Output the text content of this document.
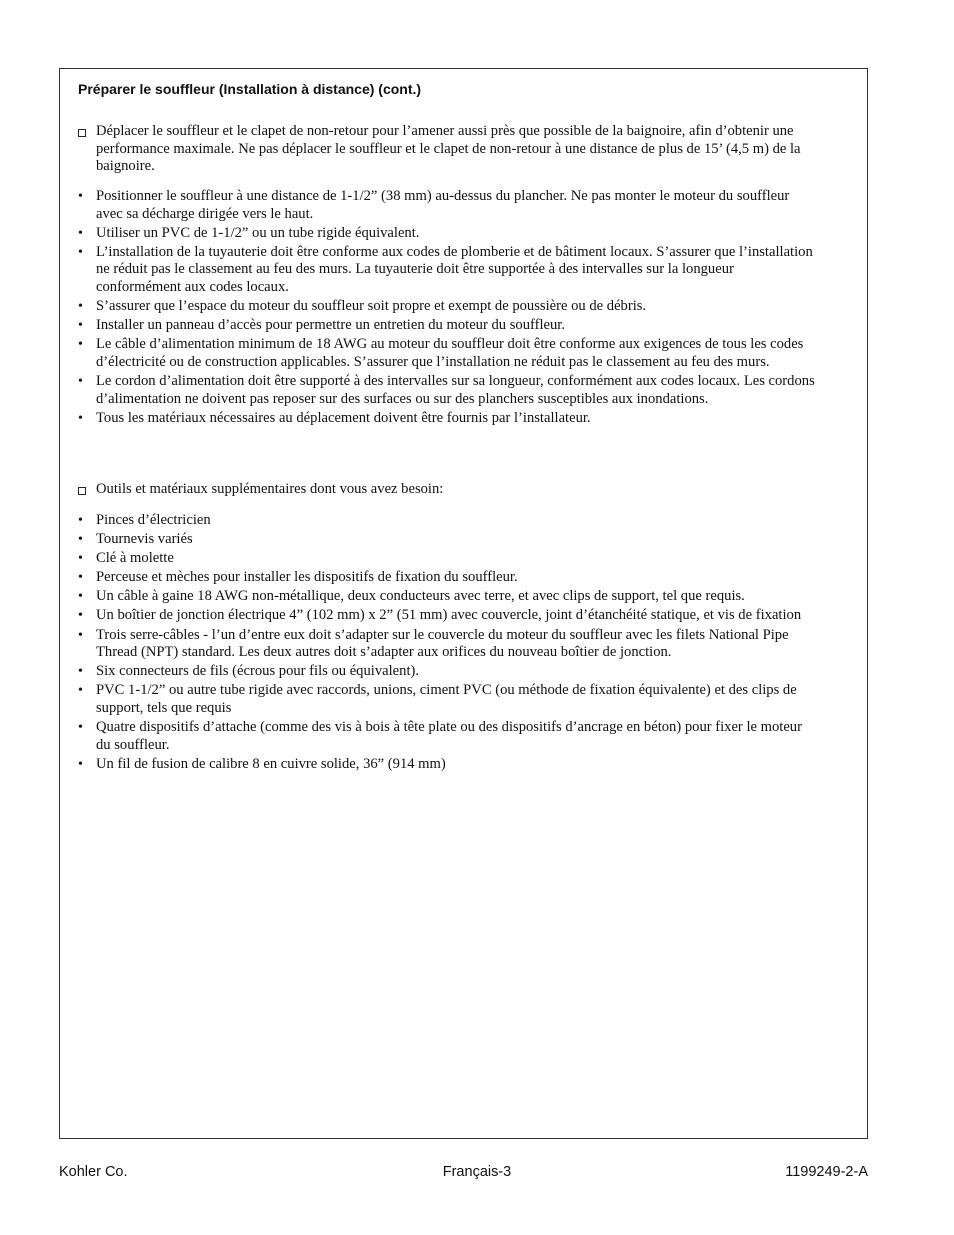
Préparer le souffleur (Installation à distance) (cont.)
Déplacer le souffleur et le clapet de non-retour pour l’amener aussi près que possible de la baignoire, afin d’obtenir une performance maximale. Ne pas déplacer le souffleur et le clapet de non-retour à une distance de plus de 15’ (4,5 m) de la baignoire.
• Positionner le souffleur à une distance de 1-1/2” (38 mm) au-dessus du plancher. Ne pas monter le moteur du souffleur avec sa décharge dirigée vers le haut.
• Utiliser un PVC de 1-1/2” ou un tube rigide équivalent.
• L’installation de la tuyauterie doit être conforme aux codes de plomberie et de bâtiment locaux. S’assurer que l’installation ne réduit pas le classement au feu des murs. La tuyauterie doit être supportée à des intervalles sur la longueur conformément aux codes locaux.
• S’assurer que l’espace du moteur du souffleur soit propre et exempt de poussière ou de débris.
• Installer un panneau d’accès pour permettre un entretien du moteur du souffleur.
• Le câble d’alimentation minimum de 18 AWG au moteur du souffleur doit être conforme aux exigences de tous les codes d’électricité ou de construction applicables. S’assurer que l’installation ne réduit pas le classement au feu des murs.
• Le cordon d’alimentation doit être supporté à des intervalles sur sa longueur, conformément aux codes locaux. Les cordons d’alimentation ne doivent pas reposer sur des surfaces ou sur des planchers susceptibles aux inondations.
• Tous les matériaux nécessaires au déplacement doivent être fournis par l’installateur.
Outils et matériaux supplémentaires dont vous avez besoin:
• Pinces d’électricien
• Tournevis variés
• Clé à molette
• Perceuse et mèches pour installer les dispositifs de fixation du souffleur.
• Un câble à gaine 18 AWG non-métallique, deux conducteurs avec terre, et avec clips de support, tel que requis.
• Un boîtier de jonction électrique 4” (102 mm) x 2” (51 mm) avec couvercle, joint d’étanchéité statique, et vis de fixation
• Trois serre-câbles - l’un d’entre eux doit s’adapter sur le couvercle du moteur du souffleur avec les filets National Pipe Thread (NPT) standard. Les deux autres doit s’adapter aux orifices du nouveau boîtier de jonction.
• Six connecteurs de fils (écrous pour fils ou équivalent).
• PVC 1-1/2” ou autre tube rigide avec raccords, unions, ciment PVC (ou méthode de fixation équivalente) et des clips de support, tels que requis
• Quatre dispositifs d’attache (comme des vis à bois à tête plate ou des dispositifs d’ancrage en béton) pour fixer le moteur du souffleur.
• Un fil de fusion de calibre 8 en cuivre solide, 36” (914 mm)
Kohler Co.	Français-3	1199249-2-A
